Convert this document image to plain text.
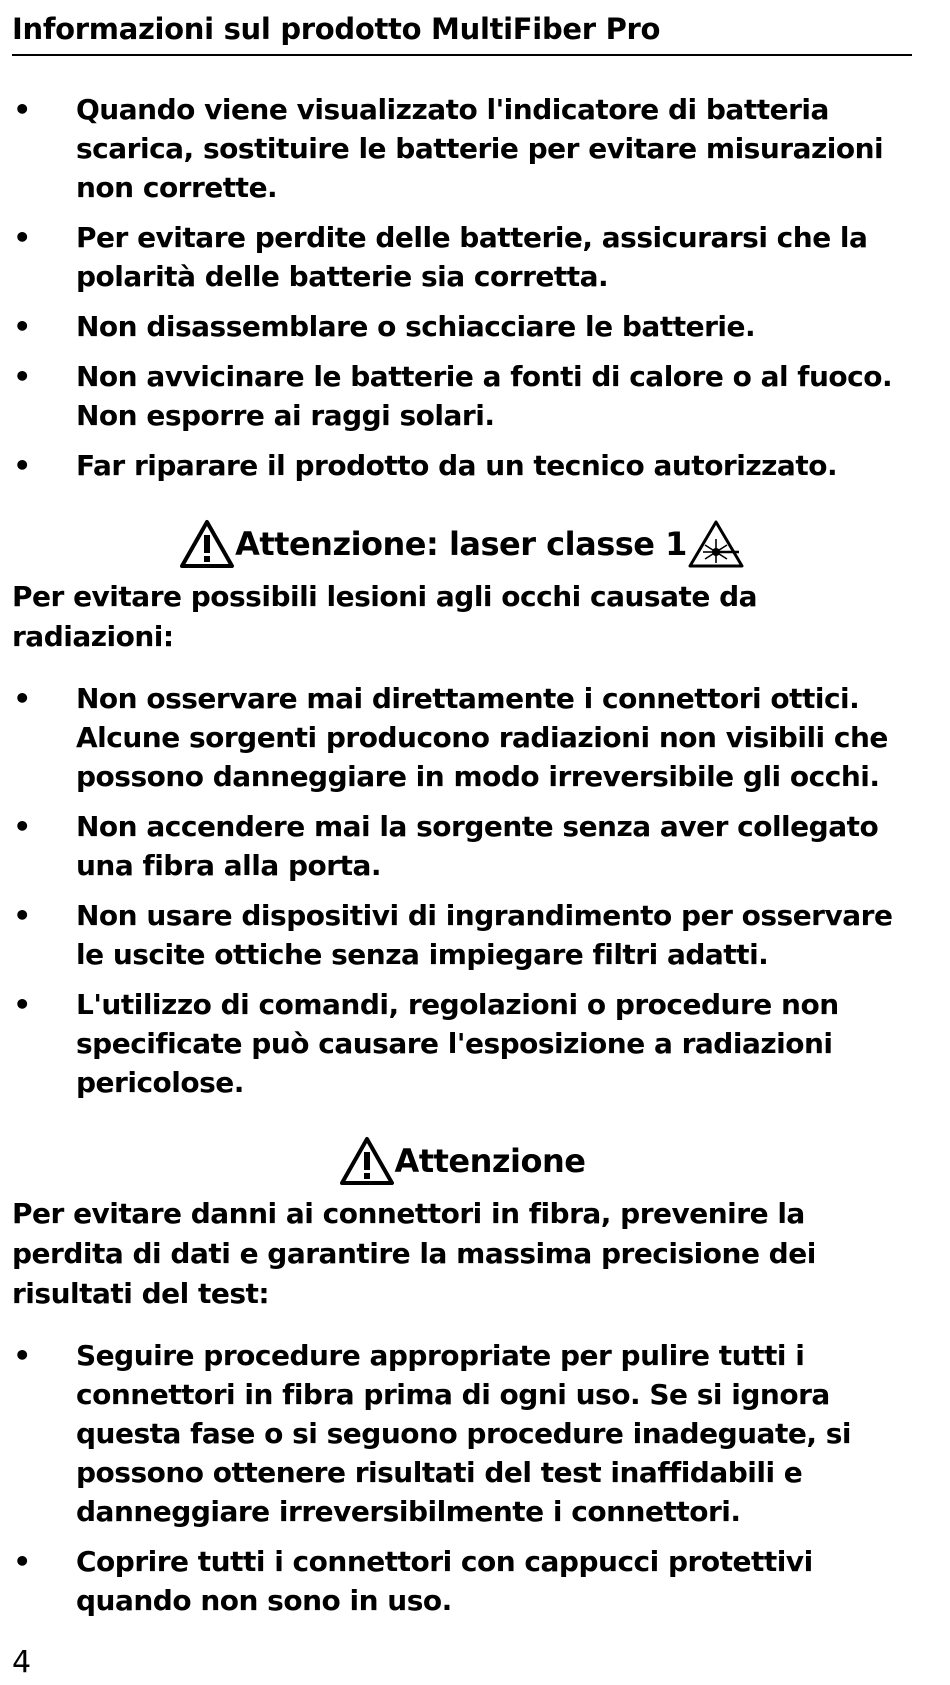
Informazioni sul prodotto MultiFiber Pro
• Quando viene visualizzato l'indicatore di batteria scarica, sostituire le batterie per evitare misurazioni non corrette.
• Per evitare perdite delle batterie, assicurarsi che la polarità delle batterie sia corretta.
• Non disassemblare o schiacciare le batterie.
• Non avvicinare le batterie a fonti di calore o al fuoco. Non esporre ai raggi solari.
• Far riparare il prodotto da un tecnico autorizzato.
Attenzione: laser classe 1
Per evitare possibili lesioni agli occhi causate da radiazioni:
• Non osservare mai direttamente i connettori ottici. Alcune sorgenti producono radiazioni non visibili che possono danneggiare in modo irreversibile gli occhi.
• Non accendere mai la sorgente senza aver collegato una fibra alla porta.
• Non usare dispositivi di ingrandimento per osservare le uscite ottiche senza impiegare filtri adatti.
• L'utilizzo di comandi, regolazioni o procedure non specificate può causare l'esposizione a radiazioni pericolose.
Attenzione
Per evitare danni ai connettori in fibra, prevenire la perdita di dati e garantire la massima precisione dei risultati del test:
• Seguire procedure appropriate per pulire tutti i connettori in fibra prima di ogni uso. Se si ignora questa fase o si seguono procedure inadeguate, si possono ottenere risultati del test inaffidabili e danneggiare irreversibilmente i connettori.
• Coprire tutti i connettori con cappucci protettivi quando non sono in uso.
4
